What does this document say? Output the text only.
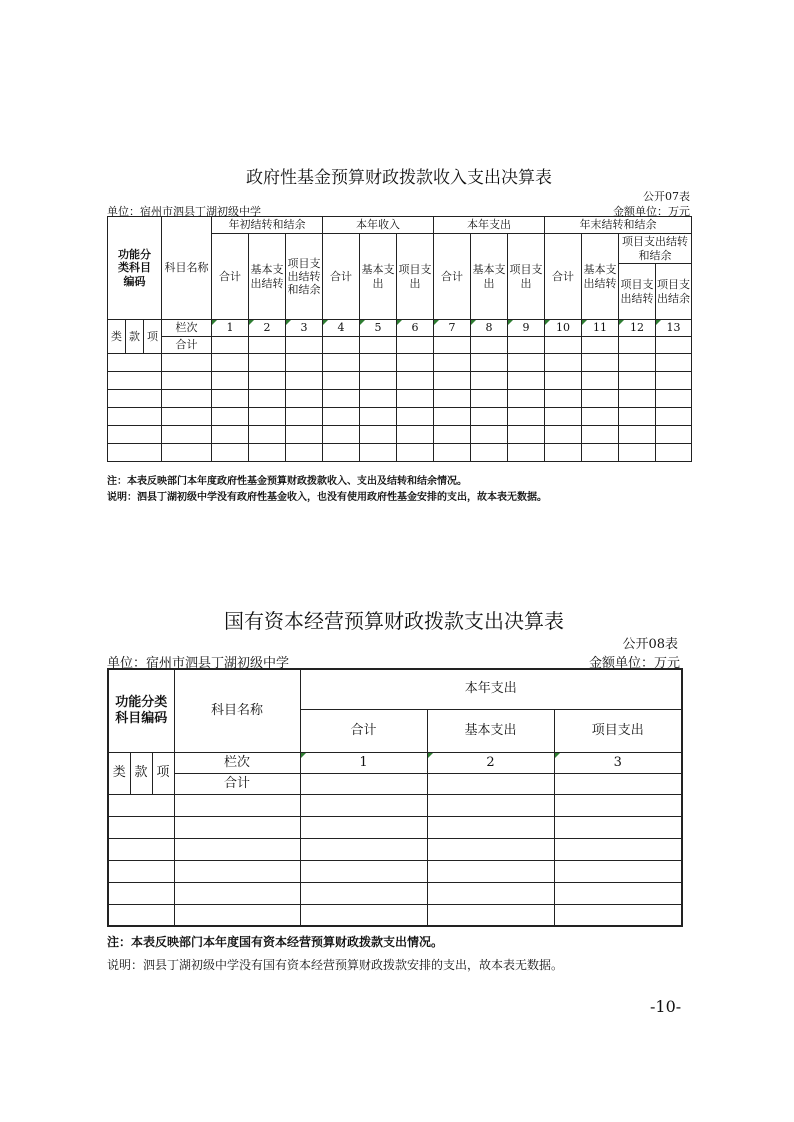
政府性基金预算财政拨款收入支出决算表
公开07表
单位：宿州市泗县丁湖初级中学	金额单位：万元
功能分类科目编码			科目名称	年初结转和结余			本年收入			本年支出			年末结转和结余			
				合计	基本支出结转	项目支出结转和结余	合计	基本支出	项目支出	合计	基本支出	项目支出	合计	基本支出结转	项目支出结转和结余	
															项目支出结转	项目支出结余
类	款	项	栏次	1	2	3	4	5	6	7	8	9	10	11	12	13
			合计													

注：本表反映部门本年度政府性基金预算财政拨款收入、支出及结转和结余情况。
说明：泗县丁湖初级中学没有政府性基金收入，也没有使用政府性基金安排的支出，故本表无数据。
国有资本经营预算财政拨款支出决算表
公开08表
单位：宿州市泗县丁湖初级中学	金额单位：万元
功能分类科目编码			科目名称	本年支出		
				合计	基本支出	项目支出
类	款	项	栏次	1	2	3
			合计			

注：本表反映部门本年度国有资本经营预算财政拨款支出情况。
说明：泗县丁湖初级中学没有国有资本经营预算财政拨款安排的支出，故本表无数据。
-10-
